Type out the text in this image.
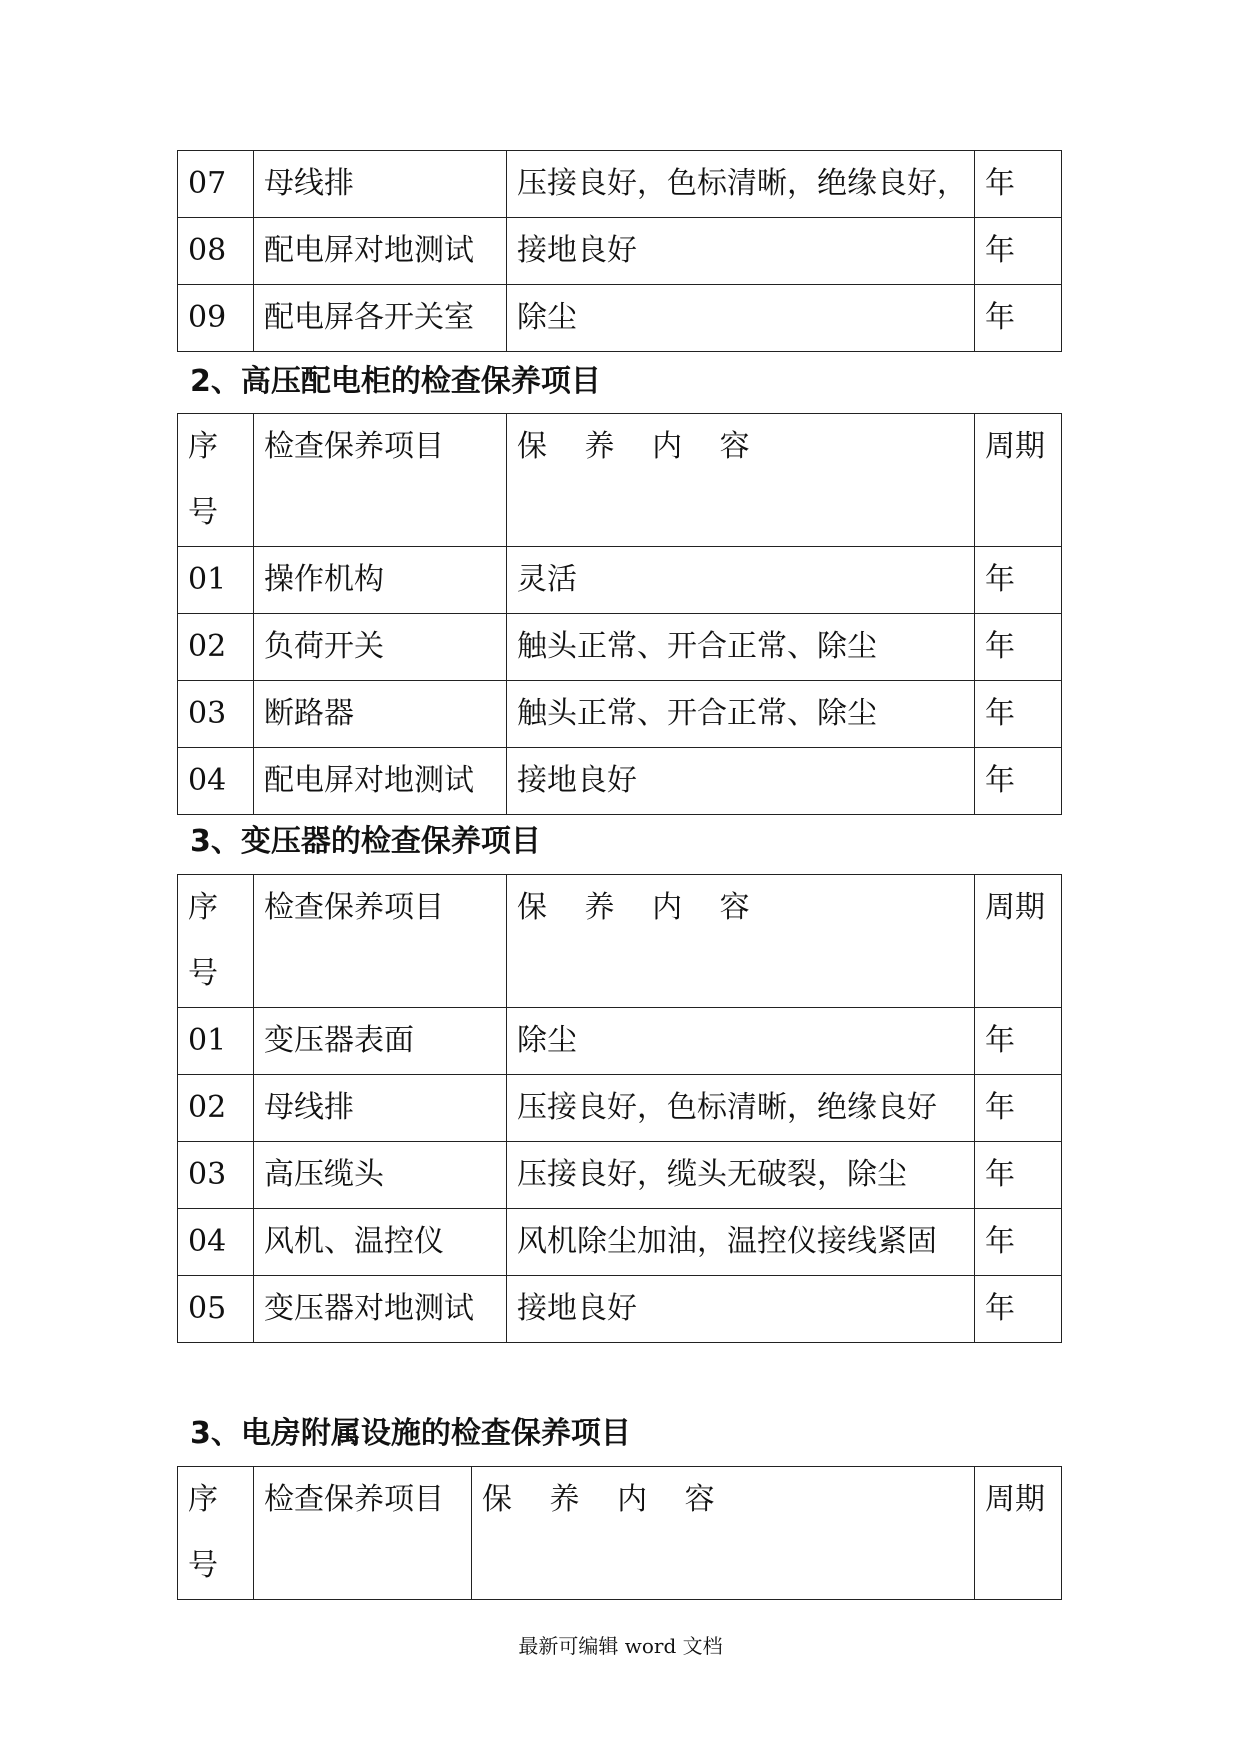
07	母线排	压接良好，色标清晰，绝缘良好，	年
08	配电屏对地测试	接地良好	年
09	配电屏各开关室	除尘	年
2、高压配电柜的检查保养项目
序号	检查保养项目	保 养 内 容	周期
01	操作机构	灵活	年
02	负荷开关	触头正常、开合正常、除尘	年
03	断路器	触头正常、开合正常、除尘	年
04	配电屏对地测试	接地良好	年
3、变压器的检查保养项目
序号	检查保养项目	保 养 内 容	周期
01	变压器表面	除尘	年
02	母线排	压接良好，色标清晰，绝缘良好	年
03	高压缆头	压接良好，缆头无破裂，除尘	年
04	风机、温控仪	风机除尘加油，温控仪接线紧固	年
05	变压器对地测试	接地良好	年
3、电房附属设施的检查保养项目
序号	检查保养项目	保 养 内 容	周期
最新可编辑 word 文档
